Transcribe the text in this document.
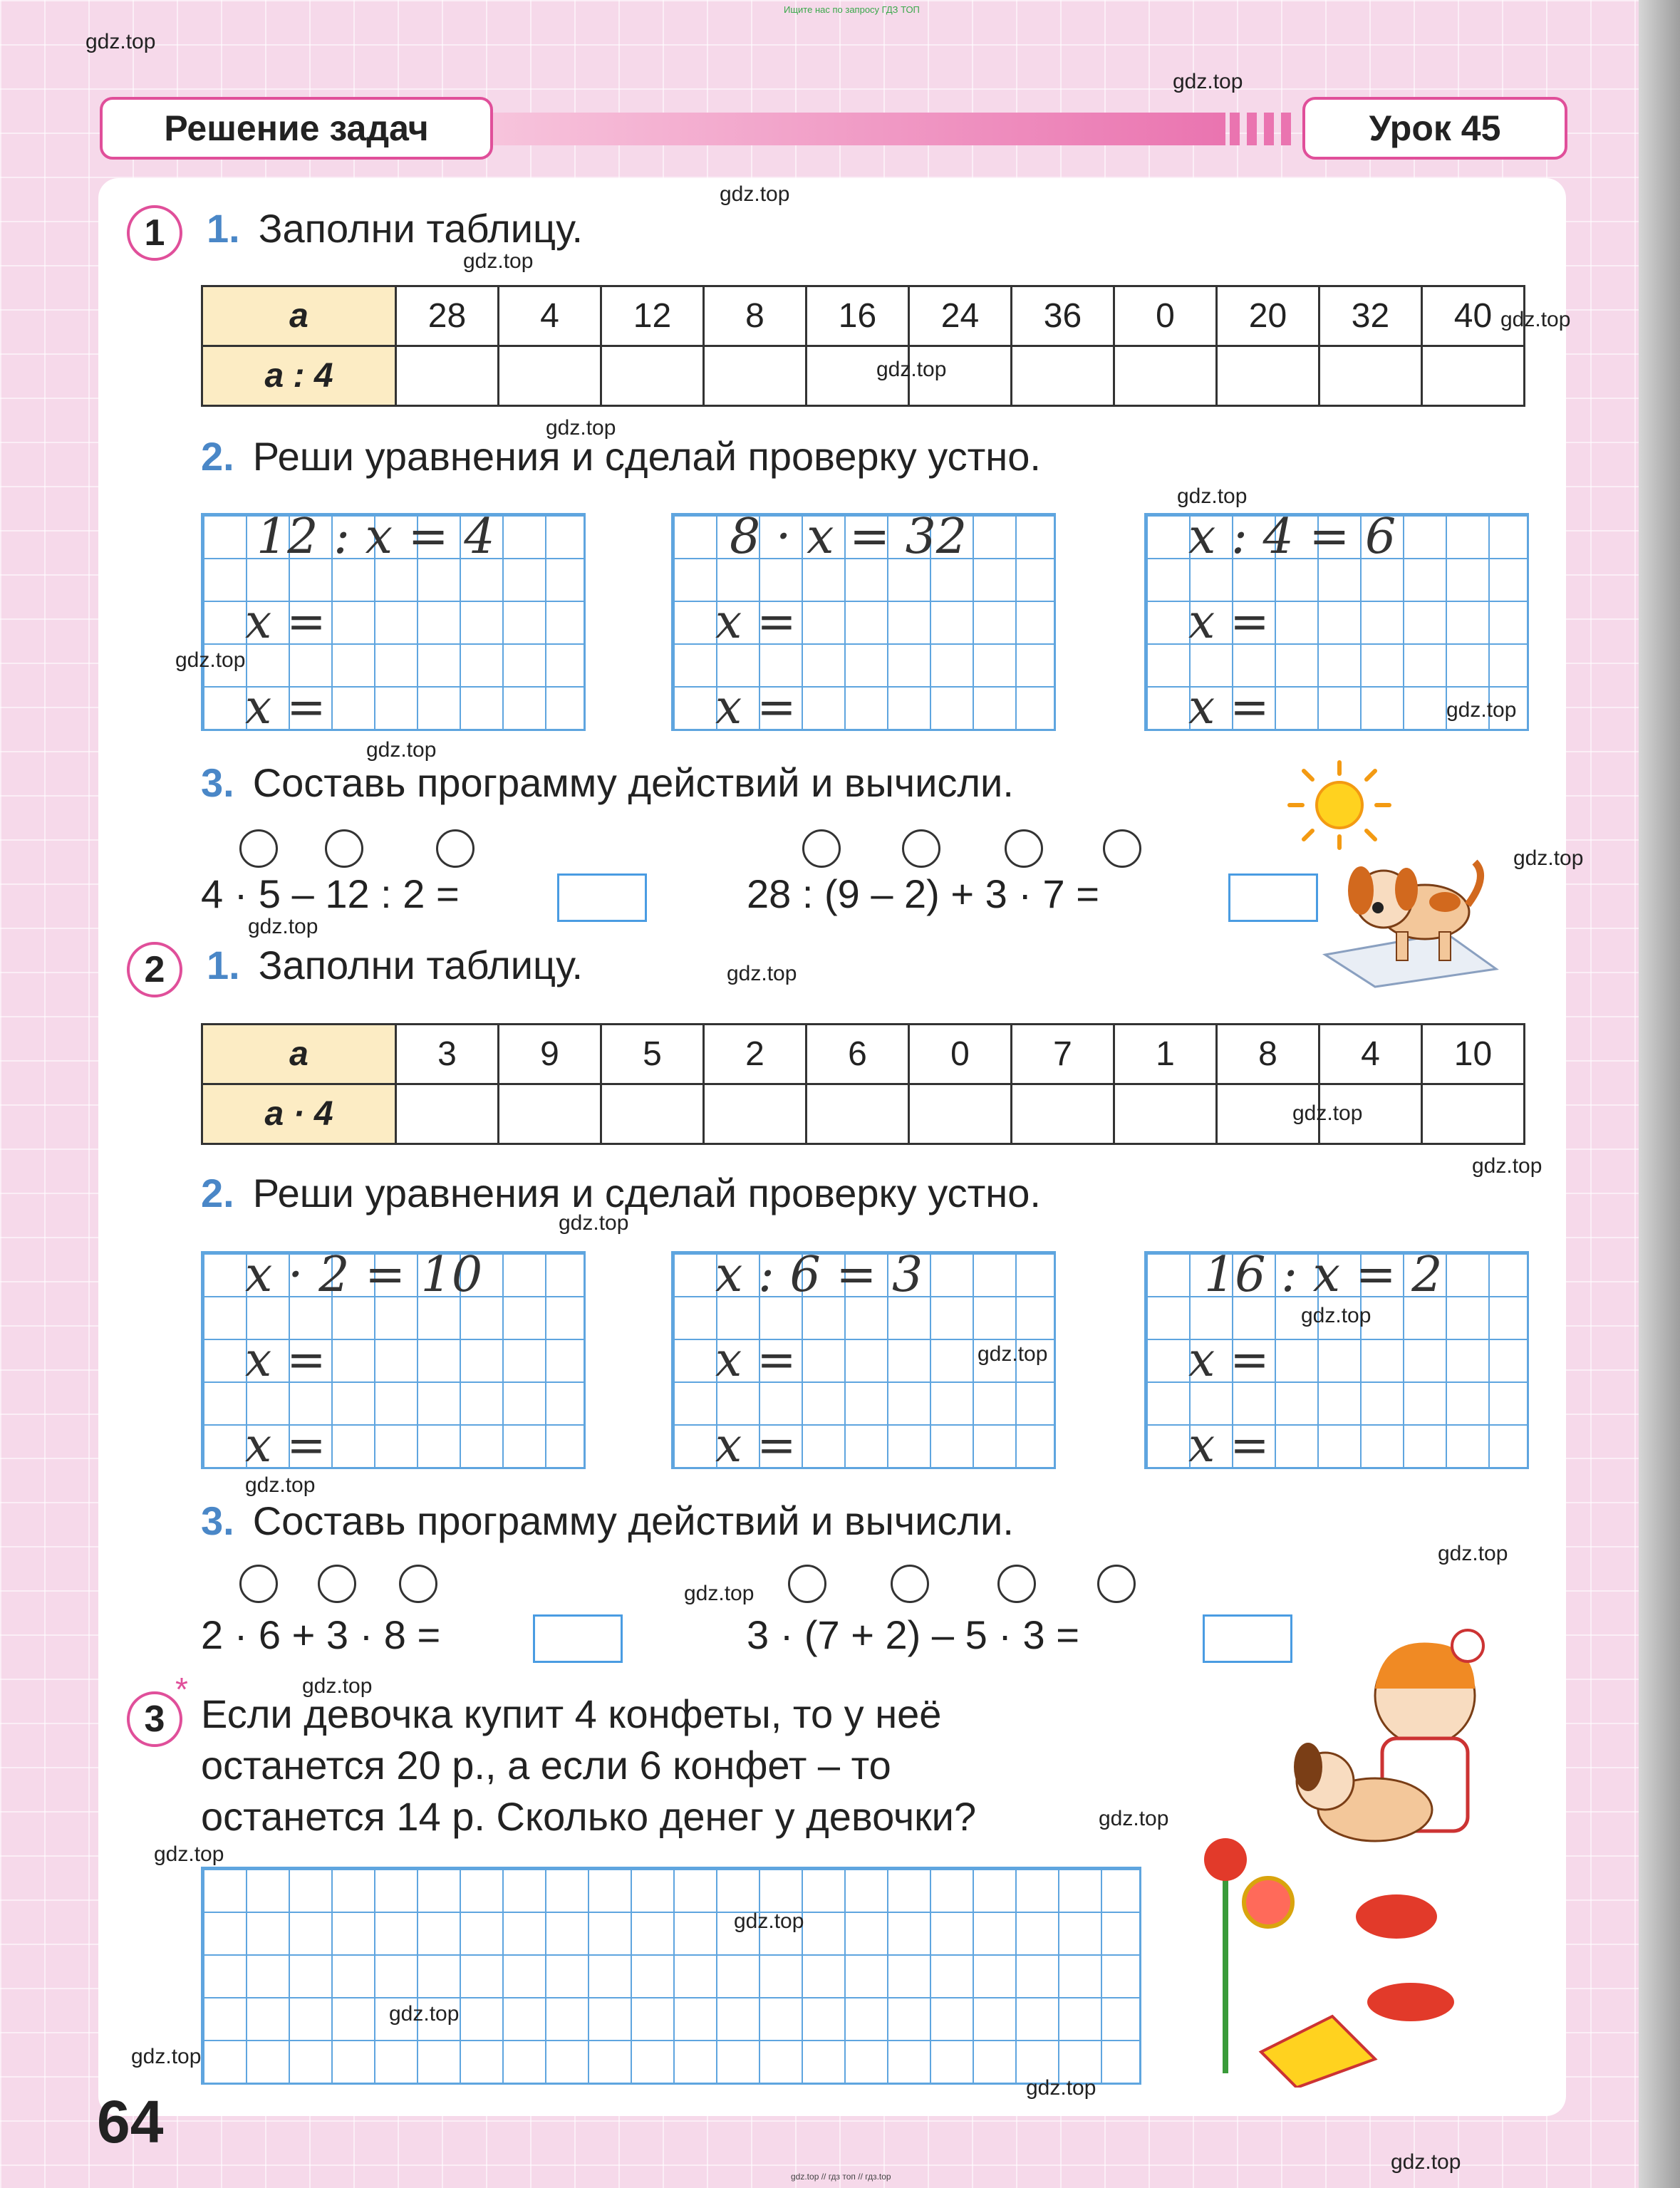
Ищите нас по запросу ГДЗ ТОП
gdz.top // гдз топ // гдз.top
Решение задач	Урок 45
1	1. Заполни таблицу.
а	28	4	12	8	16	24	36	0	20	32	40
а : 4											
2. Реши уравнения и сделай проверку устно.
12 : x = 4
x =
x =
8 · x = 32
x =
x =
x : 4 = 6
x =
x =
3. Составь программу действий и вычисли.
4 · 5 – 12 : 2 =	28 : (9 – 2) + 3 · 7 =
2	1. Заполни таблицу.
а	3	9	5	2	6	0	7	1	8	4	10
а · 4											
2. Реши уравнения и сделай проверку устно.
x · 2 = 10
x =
x =
x : 6 = 3
x =
x =
16 : x = 2
x =
x =
3. Составь программу действий и вычисли.
2 · 6 + 3 · 8 =	3 · (7 + 2) – 5 · 3 =
*
3 Если девочка купит 4 конфеты, то у неё
останется 20 р., а если 6 конфет – то
останется 14 р. Сколько денег у девочки?
64
gdz.top
gdz.top
gdz.top
gdz.top
gdz.top
gdz.top
gdz.top
gdz.top
gdz.top
gdz.top
gdz.top
gdz.top
gdz.top
gdz.top
gdz.top
gdz.top
gdz.top
gdz.top
gdz.top
gdz.top
gdz.top
gdz.top
gdz.top
gdz.top
gdz.top
gdz.top
gdz.top
gdz.top
gdz.top
gdz.top
